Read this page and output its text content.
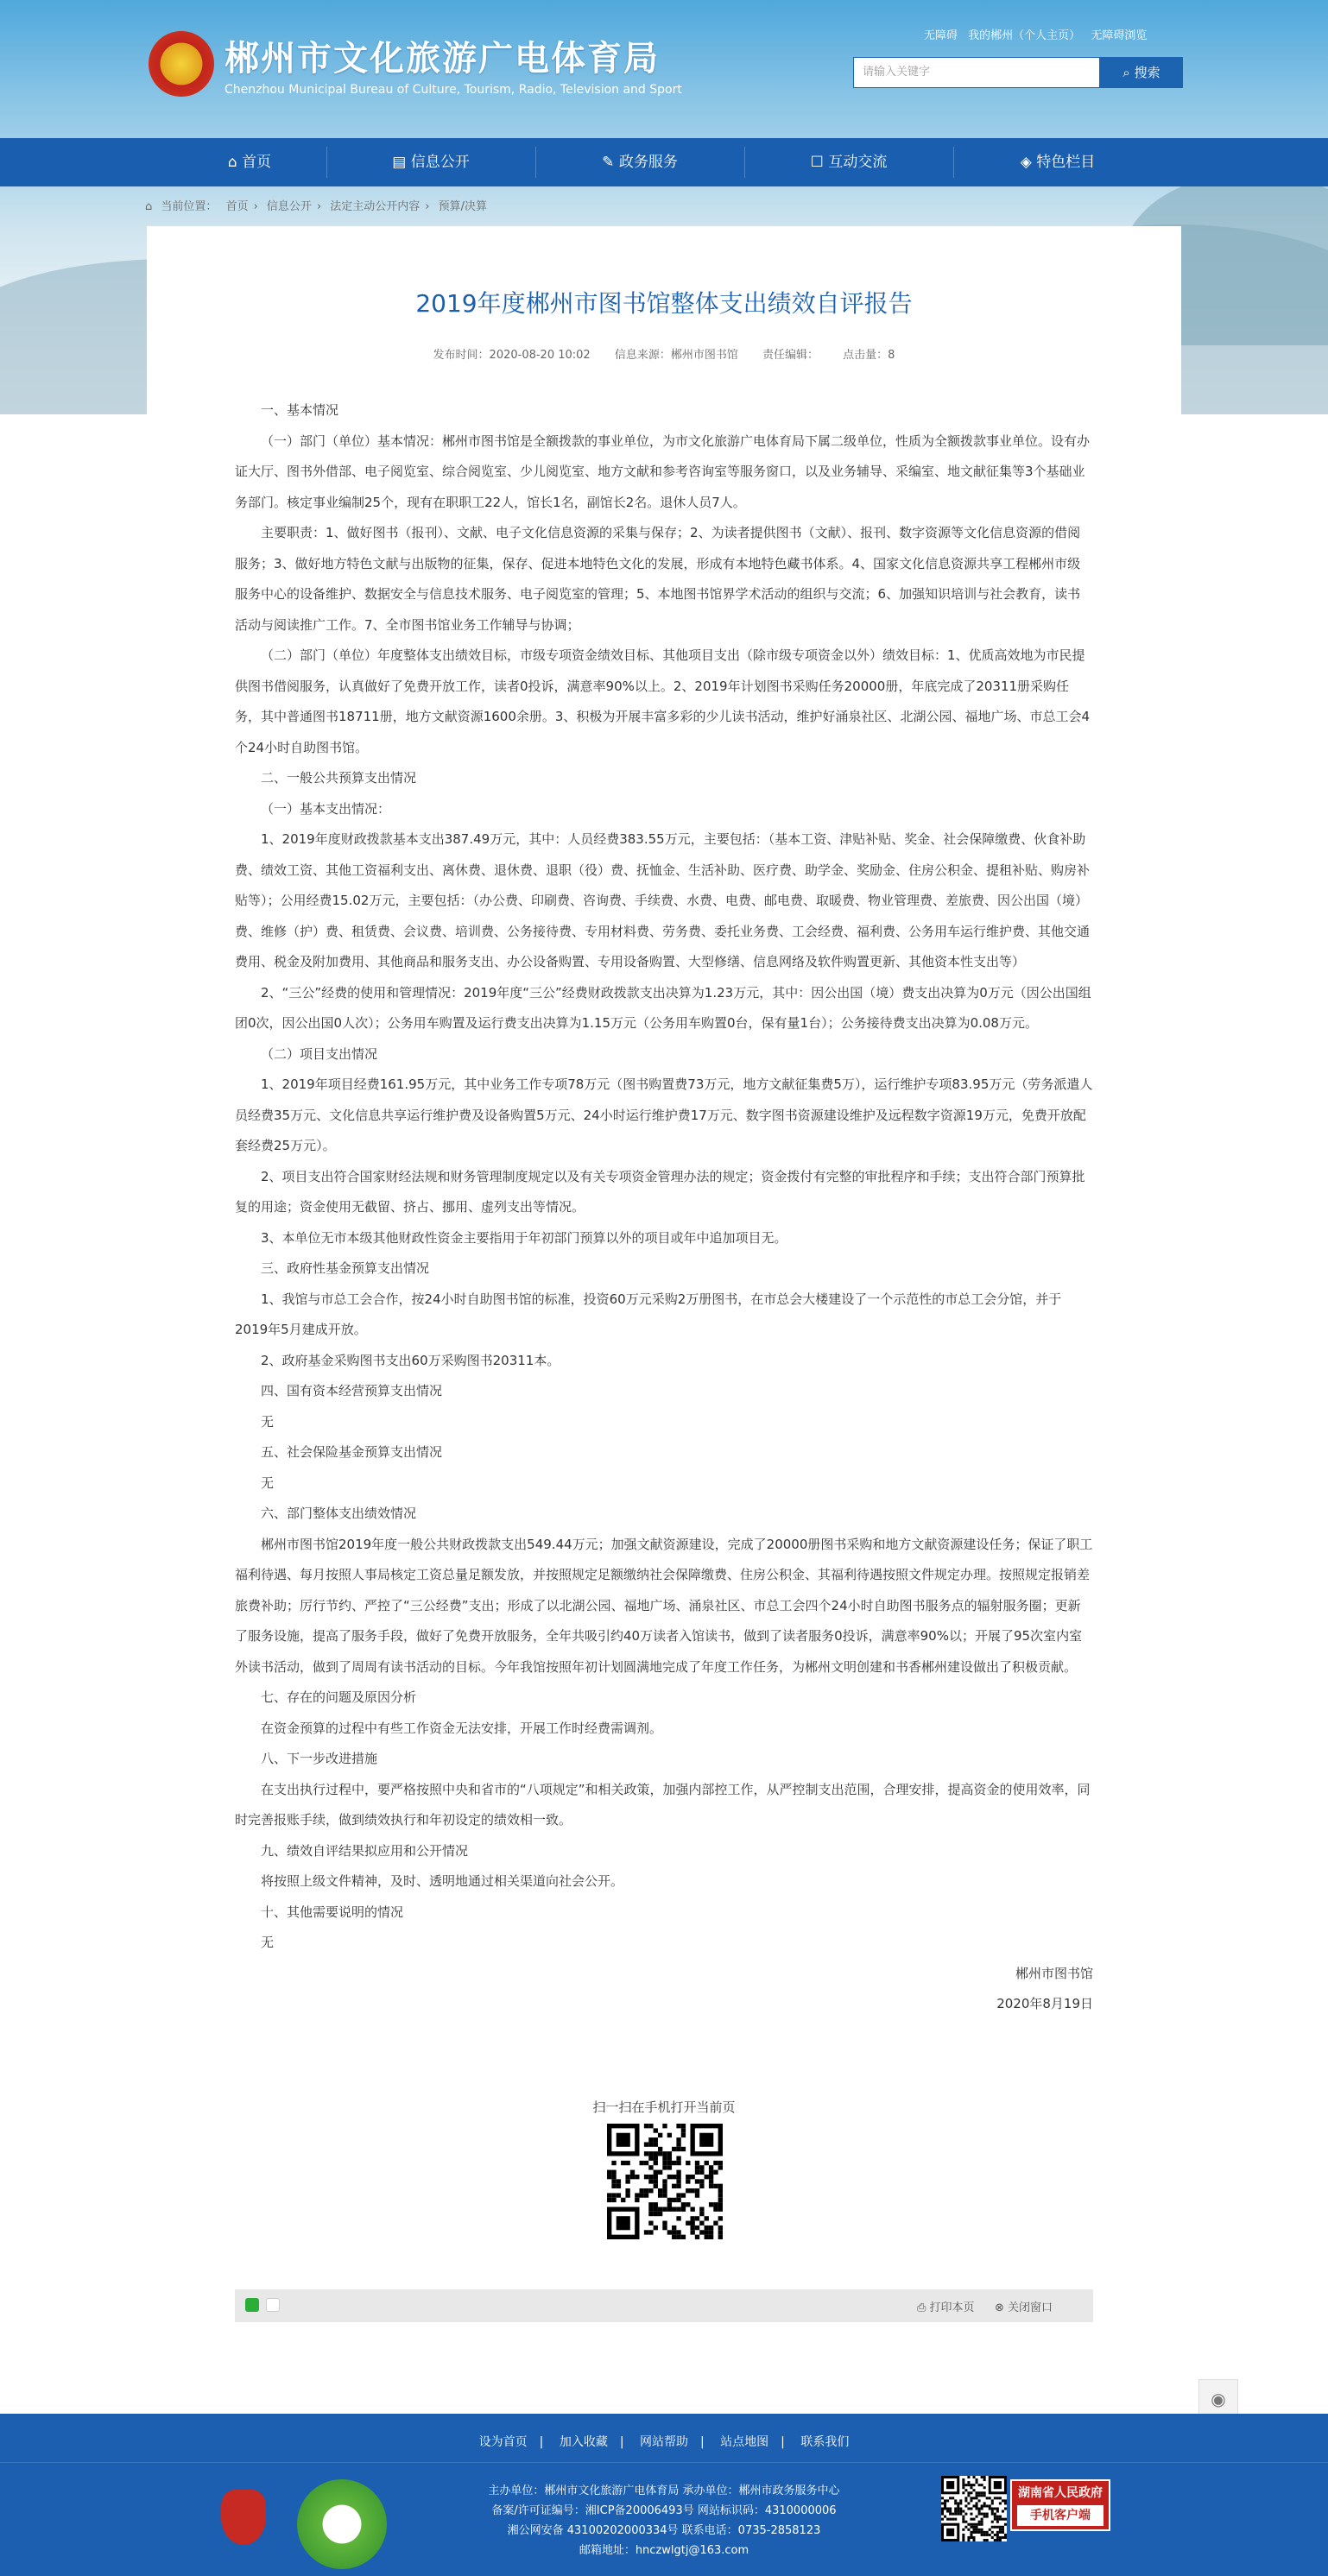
郴州市文化旅游广电体育局
Chenzhou Municipal Bureau of Culture, Tourism, Radio, Television and Sport
无障碍 我的郴州（个人主页） 无障碍浏览
请输入关键字	⌕ 搜索
⌂ 首页	▤ 信息公开	✎ 政务服务	☐ 互动交流	◈ 特色栏目
⌂ 当前位置： 首页 › 信息公开 › 法定主动公开内容 › 预算/决算
2019年度郴州市图书馆整体支出绩效自评报告
发布时间：2020-08-20 10:02 信息来源：郴州市图书馆 责任编辑： 点击量：8

一、基本情况

（一）部门（单位）基本情况：郴州市图书馆是全额拨款的事业单位，为市文化旅游广电体育局下属二级单位，性质为全额拨款事业单位。设有办证大厅、图书外借部、电子阅览室、综合阅览室、少儿阅览室、地方文献和参考咨询室等服务窗口，以及业务辅导、采编室、地文献征集等3个基础业务部门。核定事业编制25个，现有在职职工22人，馆长1名，副馆长2名。退休人员7人。

主要职责：1、做好图书（报刊）、文献、电子文化信息资源的采集与保存；2、为读者提供图书（文献）、报刊、数字资源等文化信息资源的借阅服务；3、做好地方特色文献与出版物的征集，保存、促进本地特色文化的发展，形成有本地特色藏书体系。4、国家文化信息资源共享工程郴州市级服务中心的设备维护、数据安全与信息技术服务、电子阅览室的管理；5、本地图书馆界学术活动的组织与交流；6、加强知识培训与社会教育，读书活动与阅读推广工作。7、全市图书馆业务工作辅导与协调；

（二）部门（单位）年度整体支出绩效目标，市级专项资金绩效目标、其他项目支出（除市级专项资金以外）绩效目标：1、优质高效地为市民提供图书借阅服务，认真做好了免费开放工作，读者0投诉，满意率90%以上。2、2019年计划图书采购任务20000册，年底完成了20311册采购任务，其中普通图书18711册，地方文献资源1600余册。3、积极为开展丰富多彩的少儿读书活动，维护好涌泉社区、北湖公园、福地广场、市总工会4个24小时自助图书馆。

二、一般公共预算支出情况

（一）基本支出情况：

1、2019年度财政拨款基本支出387.49万元，其中：人员经费383.55万元，主要包括：（基本工资、津贴补贴、奖金、社会保障缴费、伙食补助费、绩效工资、其他工资福利支出、离休费、退休费、退职（役）费、抚恤金、生活补助、医疗费、助学金、奖励金、住房公积金、提租补贴、购房补贴等）；公用经费15.02万元，主要包括：（办公费、印刷费、咨询费、手续费、水费、电费、邮电费、取暖费、物业管理费、差旅费、因公出国（境）费、维修（护）费、租赁费、会议费、培训费、公务接待费、专用材料费、劳务费、委托业务费、工会经费、福利费、公务用车运行维护费、其他交通费用、税金及附加费用、其他商品和服务支出、办公设备购置、专用设备购置、大型修缮、信息网络及软件购置更新、其他资本性支出等）

2、“三公”经费的使用和管理情况：2019年度“三公”经费财政拨款支出决算为1.23万元，其中：因公出国（境）费支出决算为0万元（因公出国组团0次，因公出国0人次）；公务用车购置及运行费支出决算为1.15万元（公务用车购置0台，保有量1台）；公务接待费支出决算为0.08万元。

（二）项目支出情况

1、2019年项目经费161.95万元，其中业务工作专项78万元（图书购置费73万元，地方文献征集费5万），运行维护专项83.95万元（劳务派遣人员经费35万元、文化信息共享运行维护费及设备购置5万元、24小时运行维护费17万元、数字图书资源建设维护及远程数字资源19万元，免费开放配套经费25万元）。

2、项目支出符合国家财经法规和财务管理制度规定以及有关专项资金管理办法的规定；资金拨付有完整的审批程序和手续；支出符合部门预算批复的用途；资金使用无截留、挤占、挪用、虚列支出等情况。

3、本单位无市本级其他财政性资金主要指用于年初部门预算以外的项目或年中追加项目无。

三、政府性基金预算支出情况

1、我馆与市总工会合作，按24小时自助图书馆的标准，投资60万元采购2万册图书，在市总会大楼建设了一个示范性的市总工会分馆，并于2019年5月建成开放。

2、政府基金采购图书支出60万采购图书20311本。

四、国有资本经营预算支出情况

无

五、社会保险基金预算支出情况

无

六、部门整体支出绩效情况

郴州市图书馆2019年度一般公共财政拨款支出549.44万元；加强文献资源建设，完成了20000册图书采购和地方文献资源建设任务；保证了职工福利待遇、每月按照人事局核定工资总量足额发放，并按照规定足额缴纳社会保障缴费、住房公积金、其福利待遇按照文件规定办理。按照规定报销差旅费补助；厉行节约、严控了“三公经费”支出；形成了以北湖公园、福地广场、涌泉社区、市总工会四个24小时自助图书服务点的辐射服务圈；更新了服务设施，提高了服务手段，做好了免费开放服务，全年共吸引约40万读者入馆读书，做到了读者服务0投诉，满意率90%以；开展了95次室内室外读书活动，做到了周周有读书活动的目标。今年我馆按照年初计划圆满地完成了年度工作任务，为郴州文明创建和书香郴州建设做出了积极贡献。

七、存在的问题及原因分析

在资金预算的过程中有些工作资金无法安排，开展工作时经费需调剂。

八、下一步改进措施

在支出执行过程中，要严格按照中央和省市的“八项规定”和相关政策，加强内部控工作，从严控制支出范围，合理安排，提高资金的使用效率，同时完善报账手续，做到绩效执行和年初设定的绩效相一致。

九、绩效自评结果拟应用和公开情况

将按照上级文件精神，及时、透明地通过相关渠道向社会公开。

十、其他需要说明的情况

无

郴州市图书馆

2020年8月19日

扫一扫在手机打开当前页

⎙ 打印本页 ⊗ 关闭窗口
◉
设为首页 | 加入收藏 | 网站帮助 | 站点地图 | 联系我们
主办单位：郴州市文化旅游广电体育局 承办单位：郴州市政务服务中心
备案/许可证编号：湘ICP备20006493号 网站标识码：4310000006
湘公网安备 43100202000334号 联系电话：0735-2858123
邮箱地址：hnczwlgtj@163.com
湖南省人民政府
手机客户端
